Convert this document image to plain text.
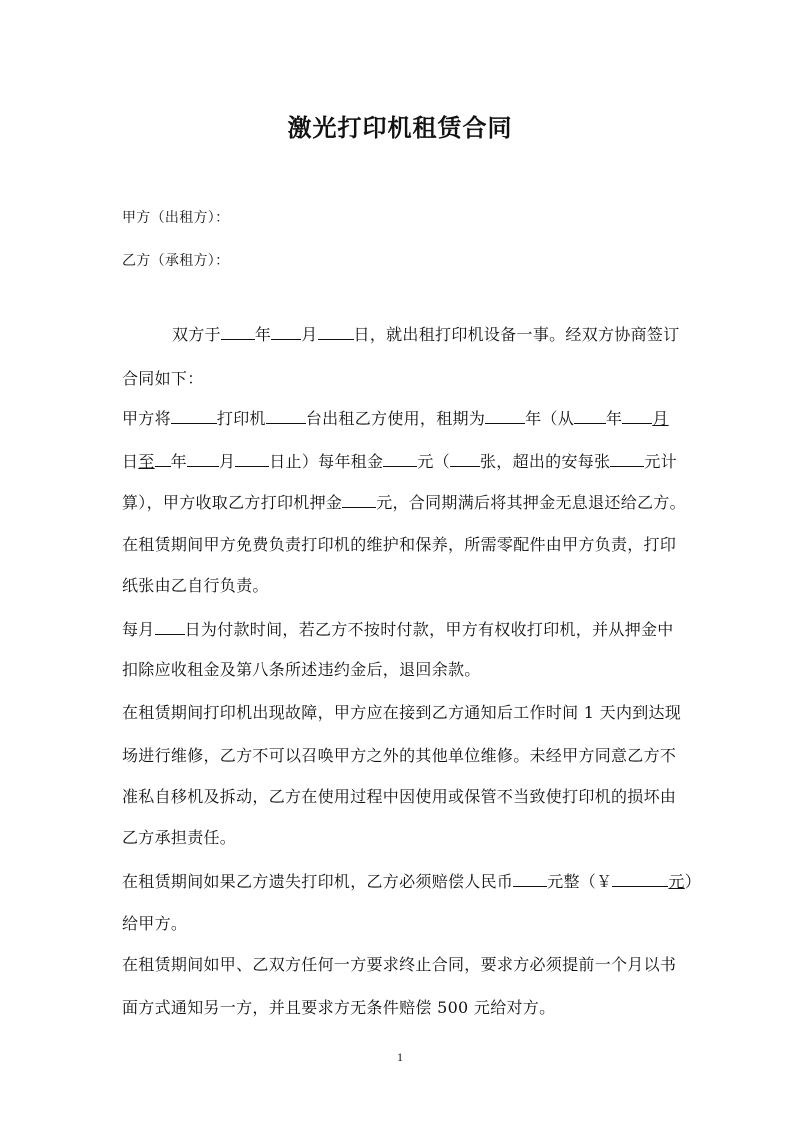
激光打印机租赁合同
甲方（出租方）：
乙方（承租方）：
双方于 年 月 日，就出租打印机设备一事。经双方协商签订
合同如下：
甲方将	打印机	台出租乙方使用，租期为	年（从 年 月
日至 年 月 日止）每年租金 元（ 张，超出的安每张 元计
算），甲方收取乙方打印机押金 元，合同期满后将其押金无息退还给乙方。
在租赁期间甲方免费负责打印机的维护和保养，所需零配件由甲方负责，打印
纸张由乙自行负责。
每月 日为付款时间，若乙方不按时付款，甲方有权收打印机，并从押金中
扣除应收租金及第八条所述违约金后，退回余款。
在租赁期间打印机出现故障，甲方应在接到乙方通知后工作时间 1 天内到达现
场进行维修，乙方不可以召唤甲方之外的其他单位维修。未经甲方同意乙方不
准私自移机及拆动，乙方在使用过程中因使用或保管不当致使打印机的损坏由
乙方承担责任。
在租赁期间如果乙方遗失打印机，乙方必须赔偿人民币 元整（￥	元）
给甲方。
在租赁期间如甲、乙双方任何一方要求终止合同，要求方必须提前一个月以书
面方式通知另一方，并且要求方无条件赔偿 500 元给对方。
1
